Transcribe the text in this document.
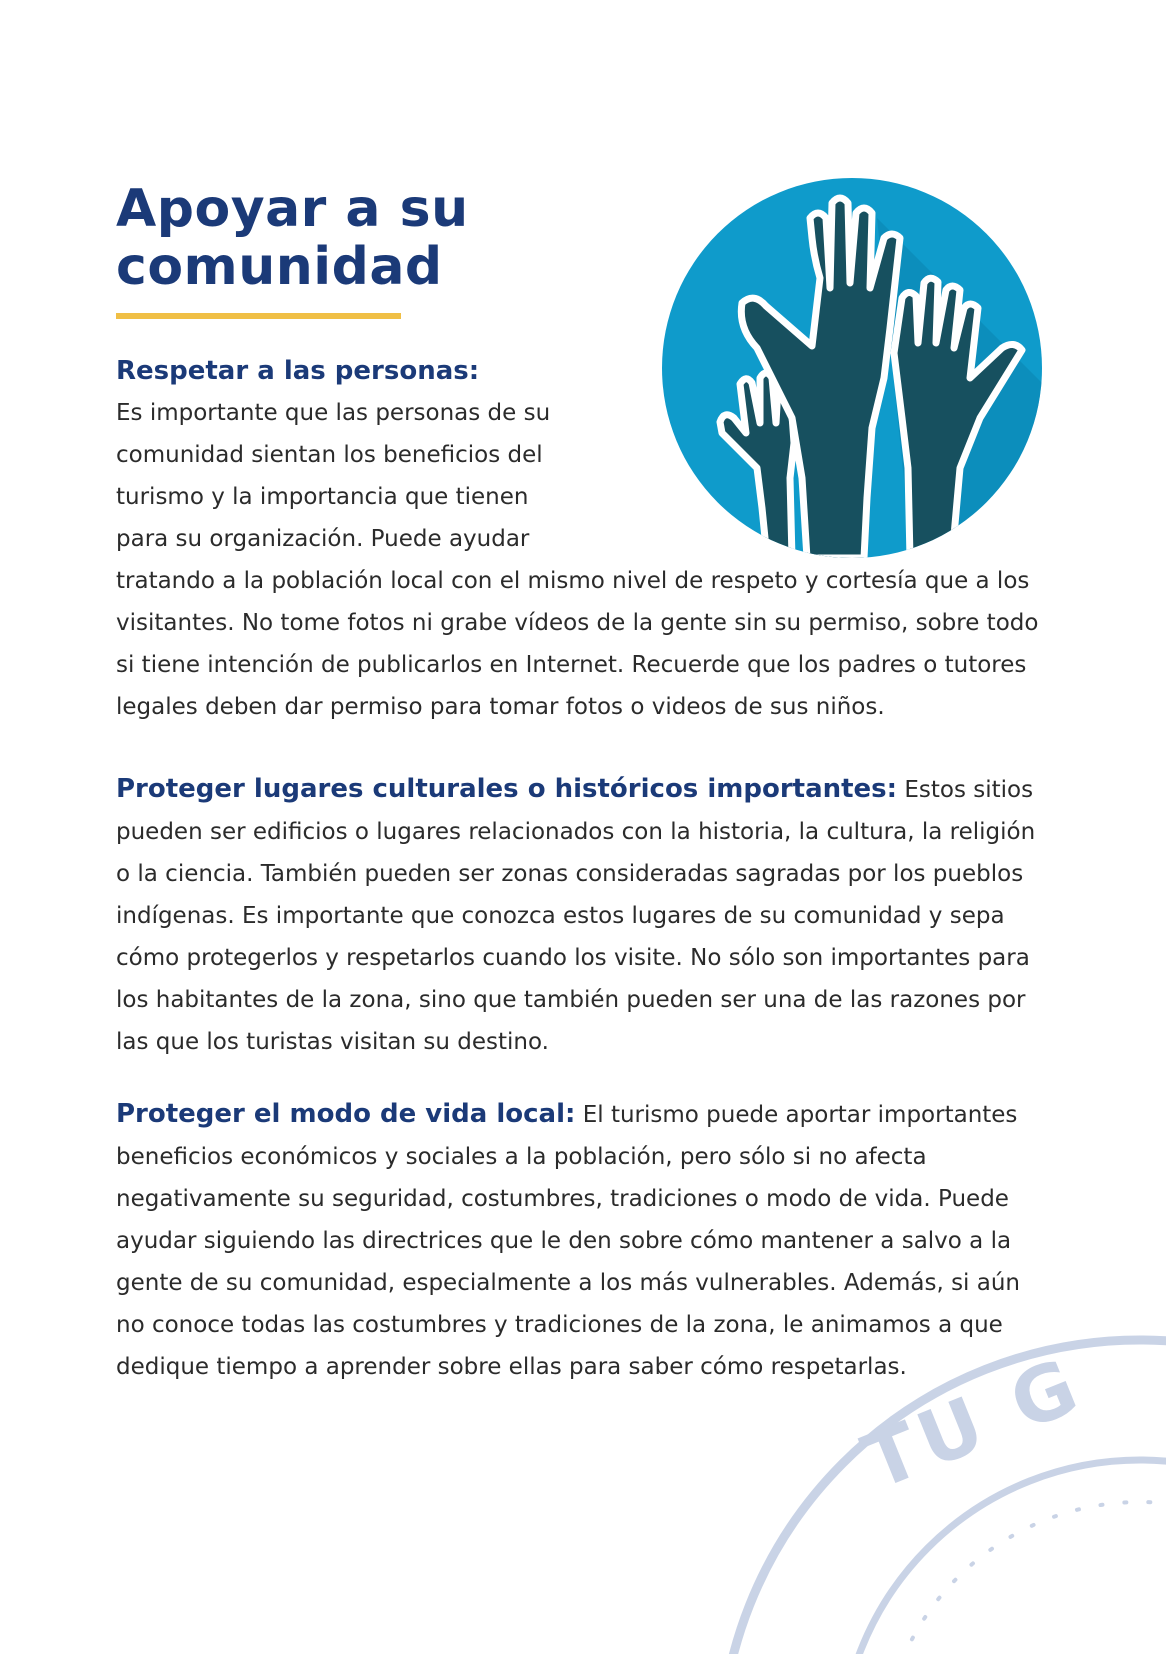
Apoyar a su
comunidad
Respetar a las personas:
Es importante que las personas de su
comunidad sientan los beneficios del
turismo y la importancia que tienen
para su organización. Puede ayudar
tratando a la población local con el mismo nivel de respeto y cortesía que a los
visitantes. No tome fotos ni grabe vídeos de la gente sin su permiso, sobre todo
si tiene intención de publicarlos en Internet. Recuerde que los padres o tutores
legales deben dar permiso para tomar fotos o videos de sus niños.
Proteger lugares culturales o históricos importantes: Estos sitios
pueden ser edificios o lugares relacionados con la historia, la cultura, la religión
o la ciencia. También pueden ser zonas consideradas sagradas por los pueblos
indígenas. Es importante que conozca estos lugares de su comunidad y sepa
cómo protegerlos y respetarlos cuando los visite. No sólo son importantes para
los habitantes de la zona, sino que también pueden ser una de las razones por
las que los turistas visitan su destino.
Proteger el modo de vida local: El turismo puede aportar importantes
beneficios económicos y sociales a la población, pero sólo si no afecta
negativamente su seguridad, costumbres, tradiciones o modo de vida. Puede
ayudar siguiendo las directrices que le den sobre cómo mantener a salvo a la
gente de su comunidad, especialmente a los más vulnerables. Además, si aún
no conoce todas las costumbres y tradiciones de la zona, le animamos a que
dedique tiempo a aprender sobre ellas para saber cómo respetarlas.
TU G
